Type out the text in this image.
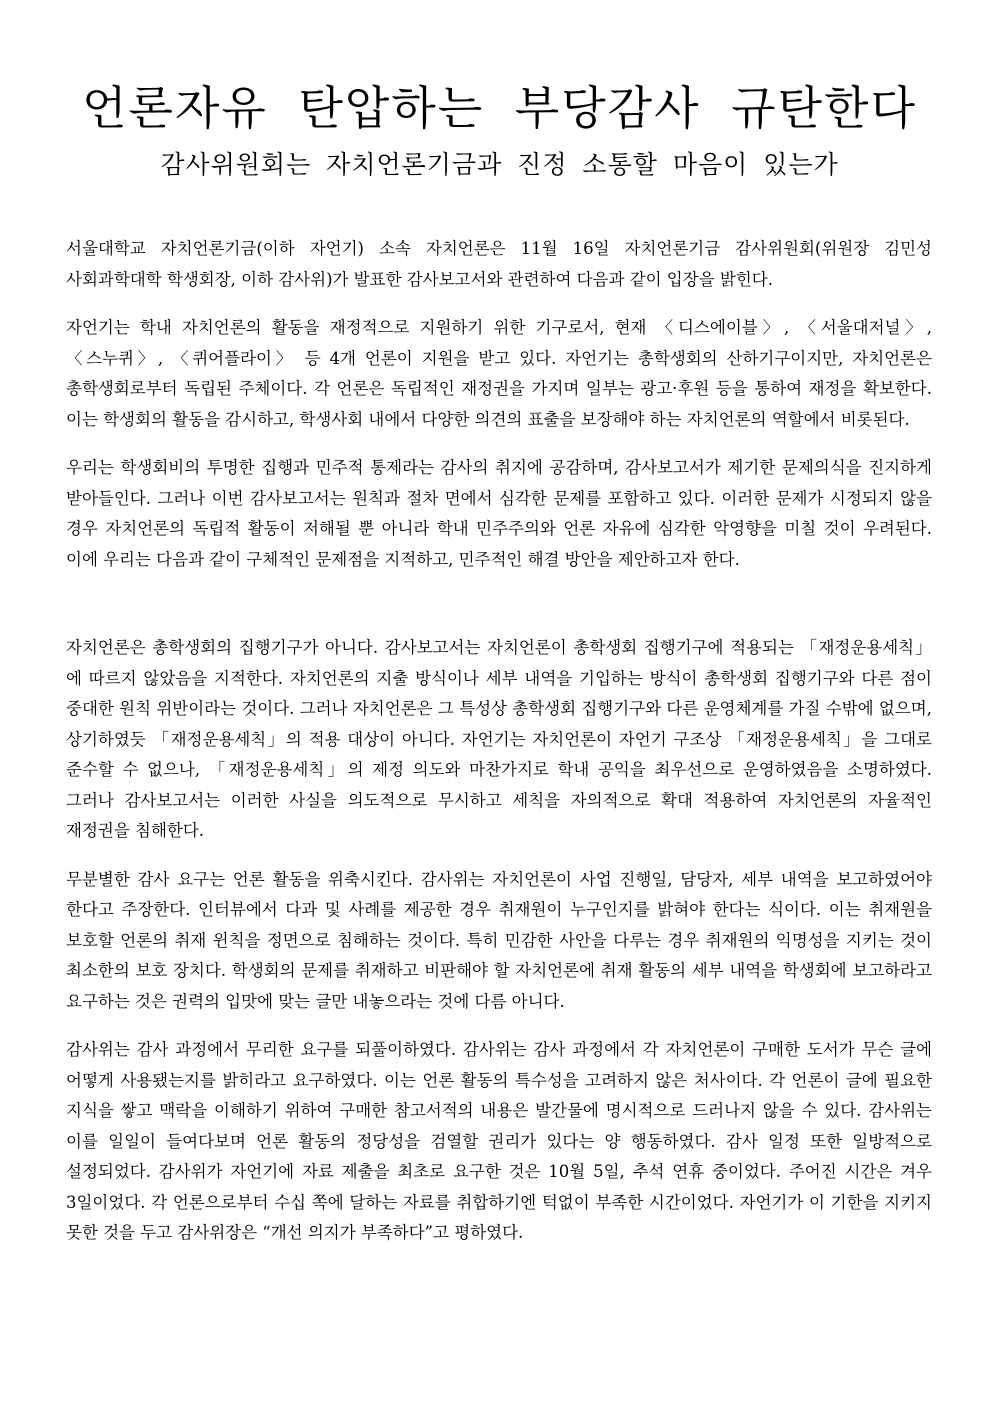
언론자유 탄압하는 부당감사 규탄한다
감사위원회는 자치언론기금과 진정 소통할 마음이 있는가

서울대학교 자치언론기금(이하 자언기) 소속 자치언론은 11월 16일 자치언론기금 감사위원회(위원장 김민성 사회과학대학 학생회장, 이하 감사위)가 발표한 감사보고서와 관련하여 다음과 같이 입장을 밝힌다.

자언기는 학내 자치언론의 활동을 재정적으로 지원하기 위한 기구로서, 현재 〈디스에이블〉, 〈서울대저널〉, 〈스누퀴〉, 〈퀴어플라이〉 등 4개 언론이 지원을 받고 있다. 자언기는 총학생회의 산하기구이지만, 자치언론은 총학생회로부터 독립된 주체이다. 각 언론은 독립적인 재정권을 가지며 일부는 광고·후원 등을 통하여 재정을 확보한다. 이는 학생회의 활동을 감시하고, 학생사회 내에서 다양한 의견의 표출을 보장해야 하는 자치언론의 역할에서 비롯된다.

우리는 학생회비의 투명한 집행과 민주적 통제라는 감사의 취지에 공감하며, 감사보고서가 제기한 문제의식을 진지하게 받아들인다. 그러나 이번 감사보고서는 원칙과 절차 면에서 심각한 문제를 포함하고 있다. 이러한 문제가 시정되지 않을 경우 자치언론의 독립적 활동이 저해될 뿐 아니라 학내 민주주의와 언론 자유에 심각한 악영향을 미칠 것이 우려된다. 이에 우리는 다음과 같이 구체적인 문제점을 지적하고, 민주적인 해결 방안을 제안하고자 한다.

자치언론은 총학생회의 집행기구가 아니다. 감사보고서는 자치언론이 총학생회 집행기구에 적용되는 「재정운용세칙」에 따르지 않았음을 지적한다. 자치언론의 지출 방식이나 세부 내역을 기입하는 방식이 총학생회 집행기구와 다른 점이 중대한 원칙 위반이라는 것이다. 그러나 자치언론은 그 특성상 총학생회 집행기구와 다른 운영체계를 가질 수밖에 없으며, 상기하였듯 「재정운용세칙」의 적용 대상이 아니다. 자언기는 자치언론이 자언기 구조상 「재정운용세칙」을 그대로 준수할 수 없으나, 「재정운용세칙」의 제정 의도와 마찬가지로 학내 공익을 최우선으로 운영하였음을 소명하였다. 그러나 감사보고서는 이러한 사실을 의도적으로 무시하고 세칙을 자의적으로 확대 적용하여 자치언론의 자율적인 재정권을 침해한다.

무분별한 감사 요구는 언론 활동을 위축시킨다. 감사위는 자치언론이 사업 진행일, 담당자, 세부 내역을 보고하였어야 한다고 주장한다. 인터뷰에서 다과 및 사례를 제공한 경우 취재원이 누구인지를 밝혀야 한다는 식이다. 이는 취재원을 보호할 언론의 취재 윈칙을 정면으로 침해하는 것이다. 특히 민감한 사안을 다루는 경우 취재원의 익명성을 지키는 것이 최소한의 보호 장치다. 학생회의 문제를 취재하고 비판해야 할 자치언론에 취재 활동의 세부 내역을 학생회에 보고하라고 요구하는 것은 권력의 입맛에 맞는 글만 내놓으라는 것에 다름 아니다.

감사위는 감사 과정에서 무리한 요구를 되풀이하였다. 감사위는 감사 과정에서 각 자치언론이 구매한 도서가 무슨 글에 어떻게 사용됐는지를 밝히라고 요구하였다. 이는 언론 활동의 특수성을 고려하지 않은 처사이다. 각 언론이 글에 필요한 지식을 쌓고 맥락을 이해하기 위하여 구매한 참고서적의 내용은 발간물에 명시적으로 드러나지 않을 수 있다. 감사위는 이를 일일이 들여다보며 언론 활동의 정당성을 검열할 권리가 있다는 양 행동하였다. 감사 일정 또한 일방적으로 설정되었다. 감사위가 자언기에 자료 제출을 최초로 요구한 것은 10월 5일, 추석 연휴 중이었다. 주어진 시간은 겨우 3일이었다. 각 언론으로부터 수십 쪽에 달하는 자료를 취합하기엔 턱없이 부족한 시간이었다. 자언기가 이 기한을 지키지 못한 것을 두고 감사위장은 “개선 의지가 부족하다”고 평하였다.
